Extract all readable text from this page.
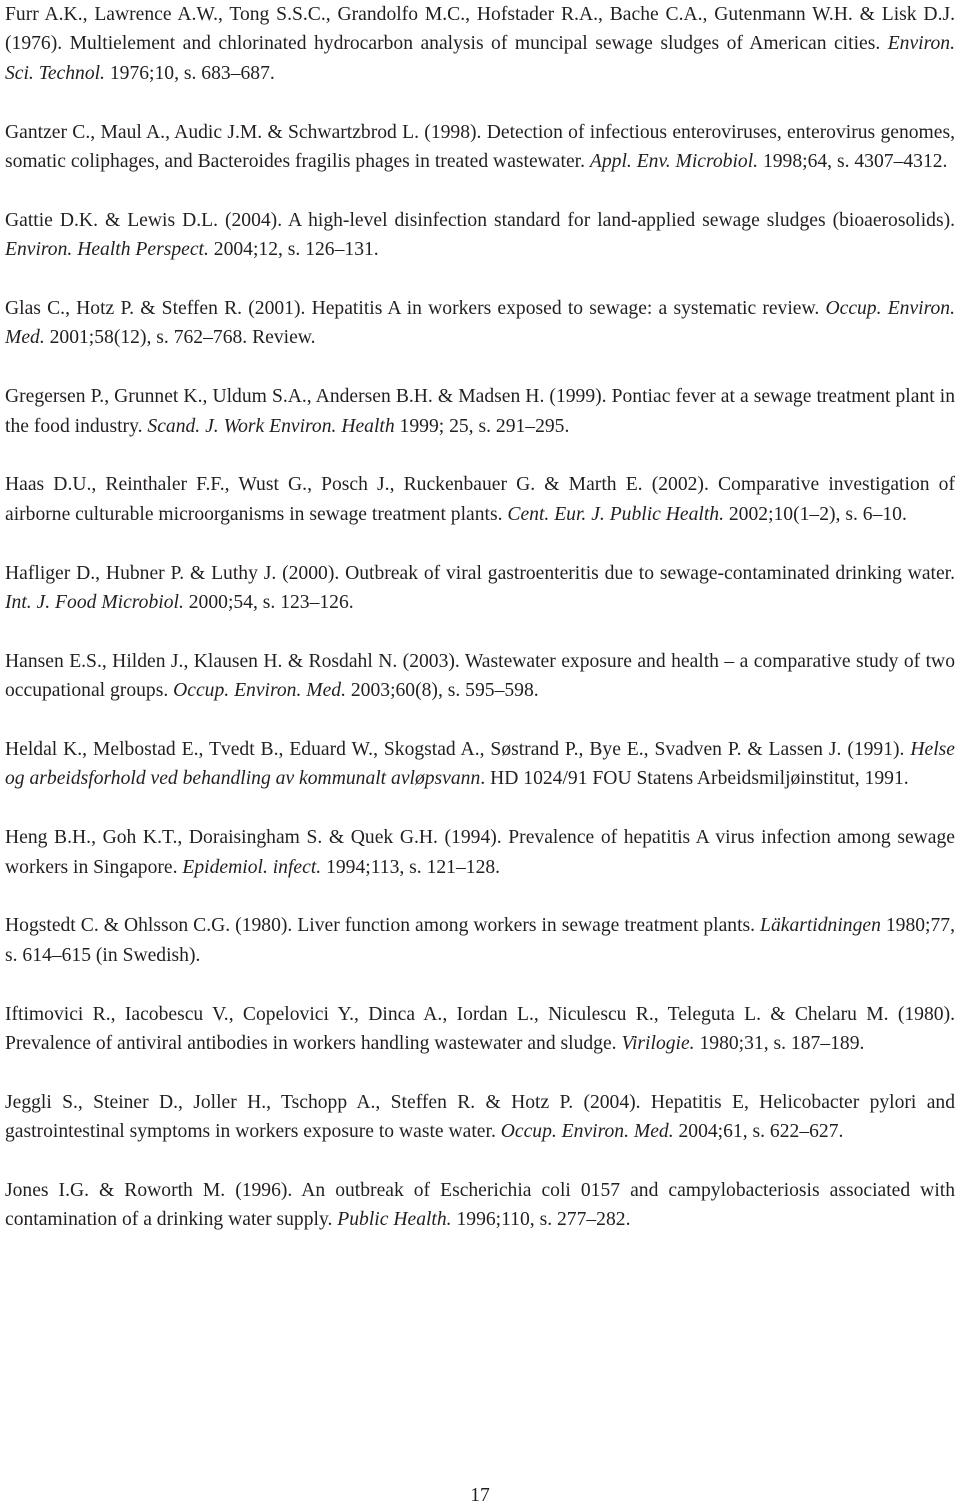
Furr A.K., Lawrence A.W., Tong S.S.C., Grandolfo M.C., Hofstader R.A., Bache C.A., Gutenmann W.H. & Lisk D.J. (1976). Multielement and chlorinated hydrocarbon analysis of muncipal sewage sludges of American cities. Environ. Sci. Technol. 1976;10, s. 683–687.
Gantzer C., Maul A., Audic J.M. & Schwartzbrod L. (1998). Detection of infectious enteroviruses, enterovirus genomes, somatic coliphages, and Bacteroides fragilis phages in treated wastewater. Appl. Env. Microbiol. 1998;64, s. 4307–4312.
Gattie D.K. & Lewis D.L. (2004). A high-level disinfection standard for land-applied sewage sludges (bioaerosolids). Environ. Health Perspect. 2004;12, s. 126–131.
Glas C., Hotz P. & Steffen R. (2001). Hepatitis A in workers exposed to sewage: a systematic review. Occup. Environ. Med. 2001;58(12), s. 762–768. Review.
Gregersen P., Grunnet K., Uldum S.A., Andersen B.H. & Madsen H. (1999). Pontiac fever at a sewage treatment plant in the food industry. Scand. J. Work Environ. Health 1999; 25, s. 291–295.
Haas D.U., Reinthaler F.F., Wust G., Posch J., Ruckenbauer G. & Marth E. (2002). Comparative investigation of airborne culturable microorganisms in sewage treatment plants. Cent. Eur. J. Public Health. 2002;10(1–2), s. 6–10.
Hafliger D., Hubner P. & Luthy J. (2000). Outbreak of viral gastroenteritis due to sewage-contaminated drinking water. Int. J. Food Microbiol. 2000;54, s. 123–126.
Hansen E.S., Hilden J., Klausen H. & Rosdahl N. (2003). Wastewater exposure and health – a comparative study of two occupational groups. Occup. Environ. Med. 2003;60(8), s. 595–598.
Heldal K., Melbostad E., Tvedt B., Eduard W., Skogstad A., Søstrand P., Bye E., Svadven P. & Lassen J. (1991). Helse og arbeidsforhold ved behandling av kommunalt avløpsvann. HD 1024/91 FOU Statens Arbeidsmiljøinstitut, 1991.
Heng B.H., Goh K.T., Doraisingham S. & Quek G.H. (1994). Prevalence of hepatitis A virus infection among sewage workers in Singapore. Epidemiol. infect. 1994;113, s. 121–128.
Hogstedt C. & Ohlsson C.G. (1980). Liver function among workers in sewage treatment plants. Läkartidningen 1980;77, s. 614–615 (in Swedish).
Iftimovici R., Iacobescu V., Copelovici Y., Dinca A., Iordan L., Niculescu R., Teleguta L. & Chelaru M. (1980). Prevalence of antiviral antibodies in workers handling wastewater and sludge. Virilogie. 1980;31, s. 187–189.
Jeggli S., Steiner D., Joller H., Tschopp A., Steffen R. & Hotz P. (2004). Hepatitis E, Helicobacter pylori and gastrointestinal symptoms in workers exposure to waste water. Occup. Environ. Med. 2004;61, s. 622–627.
Jones I.G. & Roworth M. (1996). An outbreak of Escherichia coli 0157 and campylobacteriosis associated with contamination of a drinking water supply. Public Health. 1996;110, s. 277–282.
17
